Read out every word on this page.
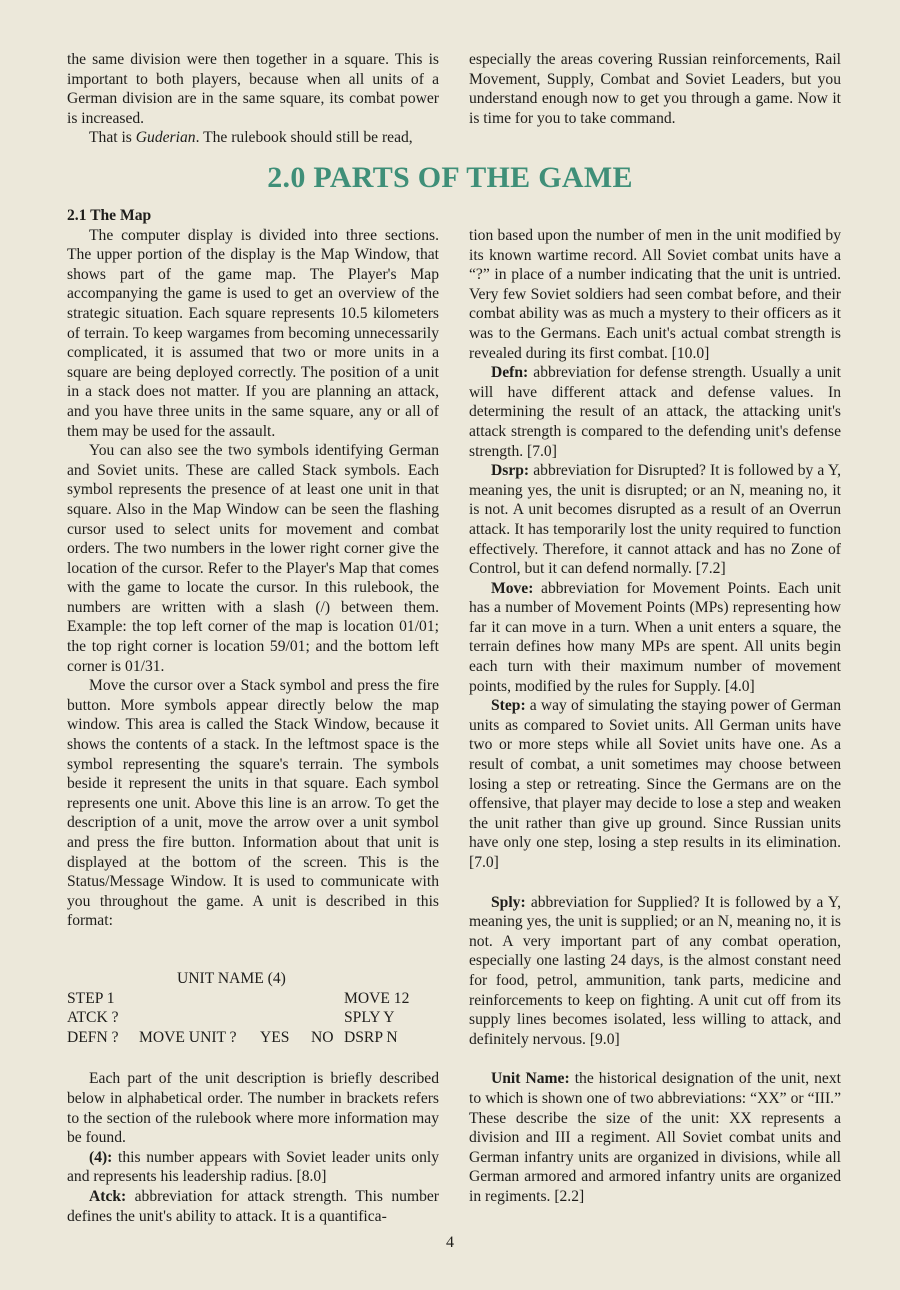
the same division were then together in a square. This is important to both players, because when all units of a German division are in the same square, its combat power is increased.

That is Guderian. The rulebook should still be read,

especially the areas covering Russian reinforcements, Rail Movement, Supply, Combat and Soviet Leaders, but you understand enough now to get you through a game. Now it is time for you to take command.

2.0 PARTS OF THE GAME

2.1 The Map

The computer display is divided into three sections. The upper portion of the display is the Map Window, that shows part of the game map. The Player's Map accompanying the game is used to get an overview of the strategic situation. Each square represents 10.5 kilometers of terrain. To keep wargames from becoming unnecessarily complicated, it is assumed that two or more units in a square are being deployed correctly. The position of a unit in a stack does not matter. If you are planning an attack, and you have three units in the same square, any or all of them may be used for the assault.

You can also see the two symbols identifying German and Soviet units. These are called Stack symbols. Each symbol represents the presence of at least one unit in that square. Also in the Map Window can be seen the flashing cursor used to select units for movement and combat orders. The two numbers in the lower right corner give the location of the cursor. Refer to the Player's Map that comes with the game to locate the cursor. In this rulebook, the numbers are written with a slash (/) between them. Example: the top left corner of the map is location 01/01; the top right corner is location 59/01; and the bottom left corner is 01/31.

Move the cursor over a Stack symbol and press the fire button. More symbols appear directly below the map window. This area is called the Stack Window, because it shows the contents of a stack. In the leftmost space is the symbol representing the square's terrain. The symbols beside it represent the units in that square. Each symbol represents one unit. Above this line is an arrow. To get the description of a unit, move the arrow over a unit symbol and press the fire button. Information about that unit is displayed at the bottom of the screen. This is the Status/Message Window. It is used to communicate with you throughout the game. A unit is described in this format:

UNIT NAME (4)
STEP 1	MOVE 12
ATCK ?	SPLY Y
DEFN ? MOVE UNIT ? YES NO DSRP N

Each part of the unit description is briefly described below in alphabetical order. The number in brackets refers to the section of the rulebook where more information may be found.

(4): this number appears with Soviet leader units only and represents his leadership radius. [8.0]

Atck: abbreviation for attack strength. This number defines the unit's ability to attack. It is a quantifica-

tion based upon the number of men in the unit modified by its known wartime record. All Soviet combat units have a “?” in place of a number indicating that the unit is untried. Very few Soviet soldiers had seen combat before, and their combat ability was as much a mystery to their officers as it was to the Germans. Each unit's actual combat strength is revealed during its first combat. [10.0]

Defn: abbreviation for defense strength. Usually a unit will have different attack and defense values. In determining the result of an attack, the attacking unit's attack strength is compared to the defending unit's defense strength. [7.0]

Dsrp: abbreviation for Disrupted? It is followed by a Y, meaning yes, the unit is disrupted; or an N, meaning no, it is not. A unit becomes disrupted as a result of an Overrun attack. It has temporarily lost the unity required to function effectively. Therefore, it cannot attack and has no Zone of Control, but it can defend normally. [7.2]

Move: abbreviation for Movement Points. Each unit has a number of Movement Points (MPs) representing how far it can move in a turn. When a unit enters a square, the terrain defines how many MPs are spent. All units begin each turn with their maximum number of movement points, modified by the rules for Supply. [4.0]

Step: a way of simulating the staying power of German units as compared to Soviet units. All German units have two or more steps while all Soviet units have one. As a result of combat, a unit sometimes may choose between losing a step or retreating. Since the Germans are on the offensive, that player may decide to lose a step and weaken the unit rather than give up ground. Since Russian units have only one step, losing a step results in its elimination. [7.0]

Sply: abbreviation for Supplied? It is followed by a Y, meaning yes, the unit is supplied; or an N, meaning no, it is not. A very important part of any combat operation, especially one lasting 24 days, is the almost constant need for food, petrol, ammunition, tank parts, medicine and reinforcements to keep on fighting. A unit cut off from its supply lines becomes isolated, less willing to attack, and definitely nervous. [9.0]

Unit Name: the historical designation of the unit, next to which is shown one of two abbreviations: “XX” or “III.” These describe the size of the unit: XX represents a division and III a regiment. All Soviet combat units and German infantry units are organized in divisions, while all German armored and armored infantry units are organized in regiments. [2.2]

4
